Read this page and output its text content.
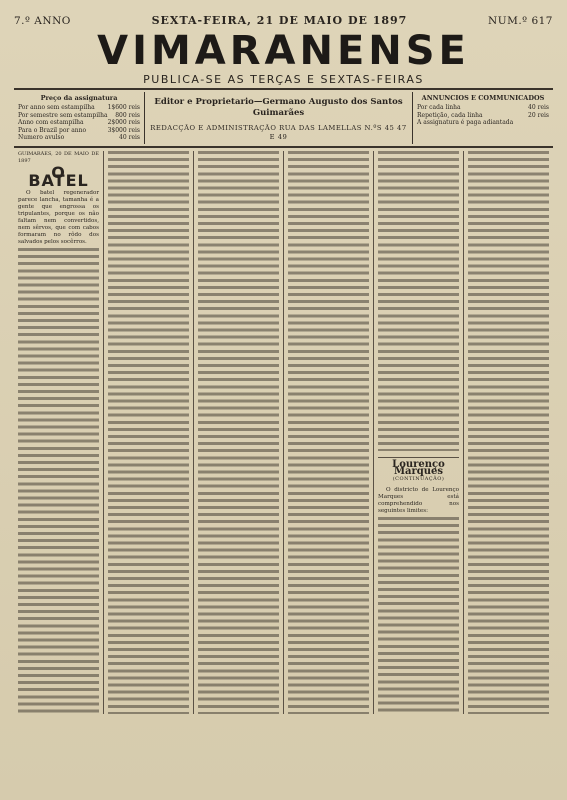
7.º ANNO	SEXTA-FEIRA, 21 DE MAIO DE 1897	NUM.º 617
VIMARANENSE
PUBLICA-SE AS TERÇAS E SEXTAS-FEIRAS
Preço da assignatura
Por anno sem estampilha 1$600 reis
Por semestre sem estampilha 800 reis
Anno com estampilha	2$000 reis
Para o Brazil por anno	3$000 reis
Numero avulso	40 reis
Editor e Proprietario—Germano Augusto dos Santos Guimarães
REDACÇÃO E ADMINISTRAÇÃO RUA DAS LAMELLAS N.ºS 45 47 E 49
ANNUNCIOS E COMMUNICADOS
Por cada linha	40 reis
Repetição, cada linha	20 reis
A assignatura é paga adiantada
GUIMARÃES, 20 DE MAIO DE 1897
O BATEL

O batel regenerador parece lancha, tamanha é a gente que engrossa os tripulantes, porque os não faltam nem convertidos, nem sêrvos, que com cabos formaram no rôdo dos salvados pelos socêrros.

Lourenço Marques
(CONTINUAÇÃO)

O districto de Lourenço Marques está comprehendido nos seguintes limites:
